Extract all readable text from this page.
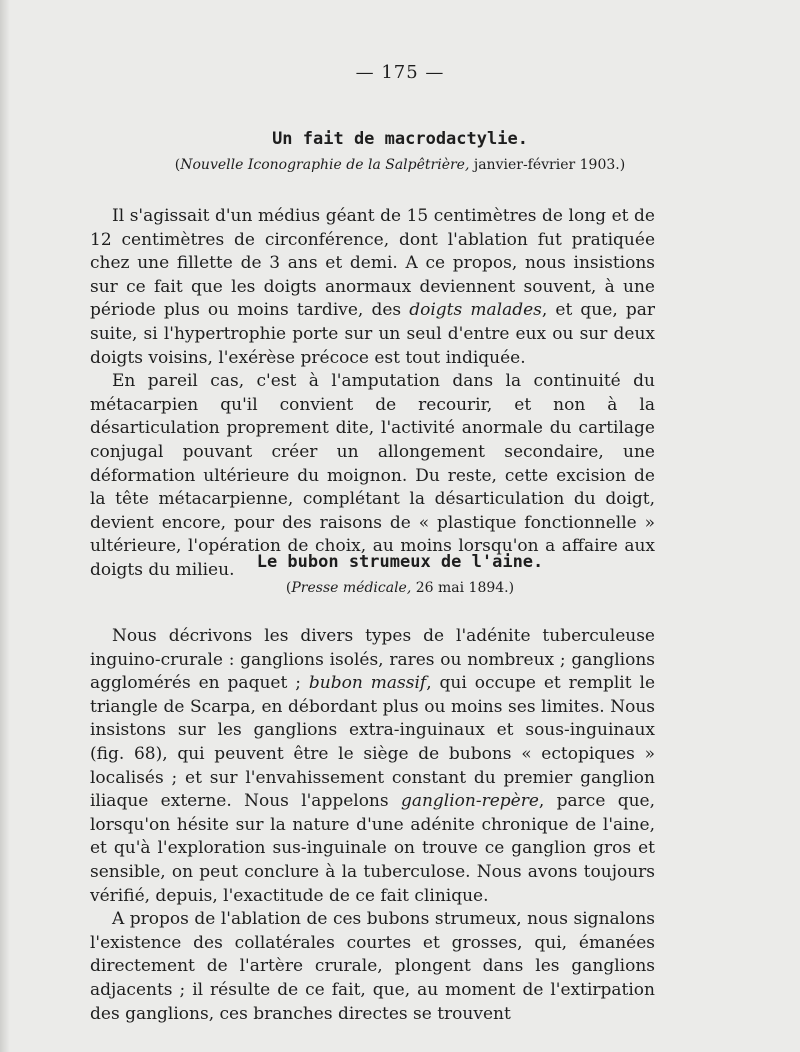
— 175 —
Un fait de macrodactylie.
(Nouvelle Iconographie de la Salpêtrière, janvier-février 1903.)

Il s'agissait d'un médius géant de 15 centimètres de long et de 12 centimètres de circonférence, dont l'ablation fut pratiquée chez une fillette de 3 ans et demi. A ce propos, nous insistions sur ce fait que les doigts anormaux deviennent souvent, à une période plus ou moins tardive, des doigts malades, et que, par suite, si l'hypertrophie porte sur un seul d'entre eux ou sur deux doigts voisins, l'exérèse précoce est tout indiquée.

En pareil cas, c'est à l'amputation dans la continuité du métacarpien qu'il convient de recourir, et non à la désarticulation proprement dite, l'activité anormale du cartilage conjugal pouvant créer un allongement secondaire, une déformation ultérieure du moignon. Du reste, cette excision de la tête métacarpienne, complétant la désarticulation du doigt, devient encore, pour des raisons de « plastique fonctionnelle » ultérieure, l'opération de choix, au moins lorsqu'on a affaire aux doigts du milieu.	Le bubon strumeux de l'aine.
(Presse médicale, 26 mai 1894.)

Nous décrivons les divers types de l'adénite tuberculeuse inguino-crurale : ganglions isolés, rares ou nombreux ; ganglions agglomérés en paquet ; bubon massif, qui occupe et remplit le triangle de Scarpa, en débordant plus ou moins ses limites. Nous insistons sur les ganglions extra-inguinaux et sous-inguinaux (fig. 68), qui peuvent être le siège de bubons « ectopiques » localisés ; et sur l'envahissement constant du premier ganglion iliaque externe. Nous l'appelons ganglion-repère, parce que, lorsqu'on hésite sur la nature d'une adénite chronique de l'aine, et qu'à l'exploration sus-inguinale on trouve ce ganglion gros et sensible, on peut conclure à la tuberculose. Nous avons toujours vérifié, depuis, l'exactitude de ce fait clinique.

A propos de l'ablation de ces bubons strumeux, nous signalons l'existence des collatérales courtes et grosses, qui, émanées directement de l'artère crurale, plongent dans les ganglions adjacents ; il résulte de ce fait, que, au moment de l'extirpation des ganglions, ces branches directes se trouvent
